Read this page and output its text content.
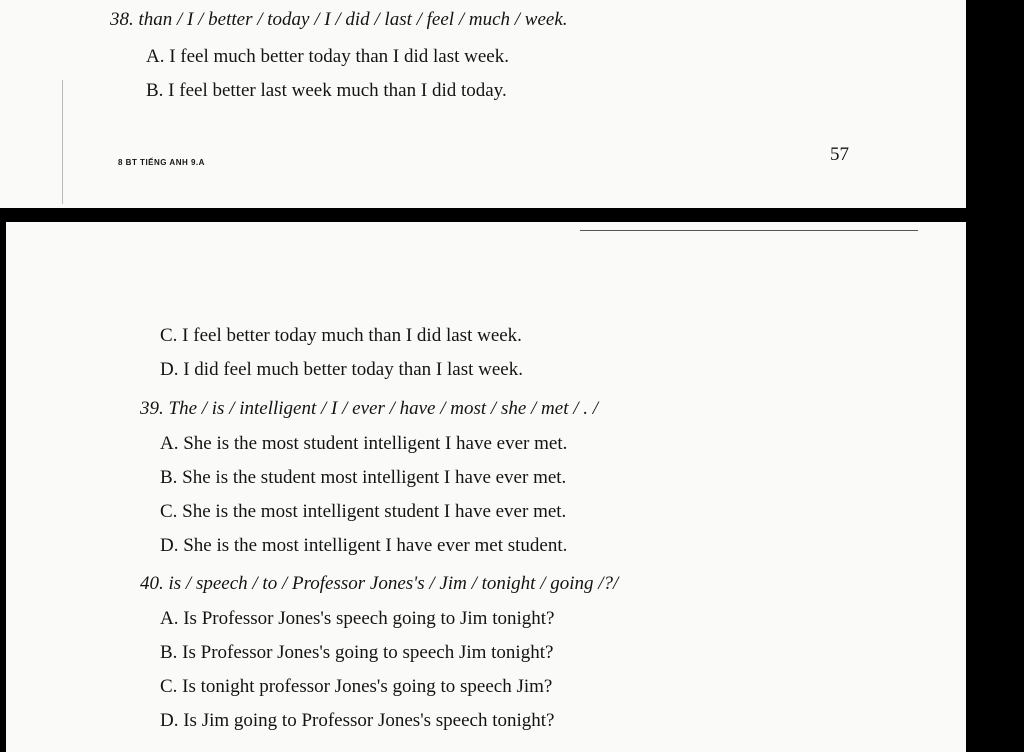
38. than / I / better / today / I / did / last / feel / much / week.
A. I feel much better today than I did last week.
B. I feel better last week much than I did today.
8 BT TIẾNG ANH 9.A	57
C. I feel better today much than I did last week.
D. I did feel much better today than I last week.
39. The / is / intelligent / I / ever / have / most / she / met / . /
A. She is the most student intelligent I have ever met.
B. She is the student most intelligent I have ever met.
C. She is the most intelligent student I have ever met.
D. She is the most intelligent I have ever met student.
40. is / speech / to / Professor Jones's / Jim / tonight / going /?/
A. Is Professor Jones's speech going to Jim tonight?
B. Is Professor Jones's going to speech Jim tonight?
C. Is tonight professor Jones's going to speech Jim?
D. Is Jim going to Professor Jones's speech tonight?
